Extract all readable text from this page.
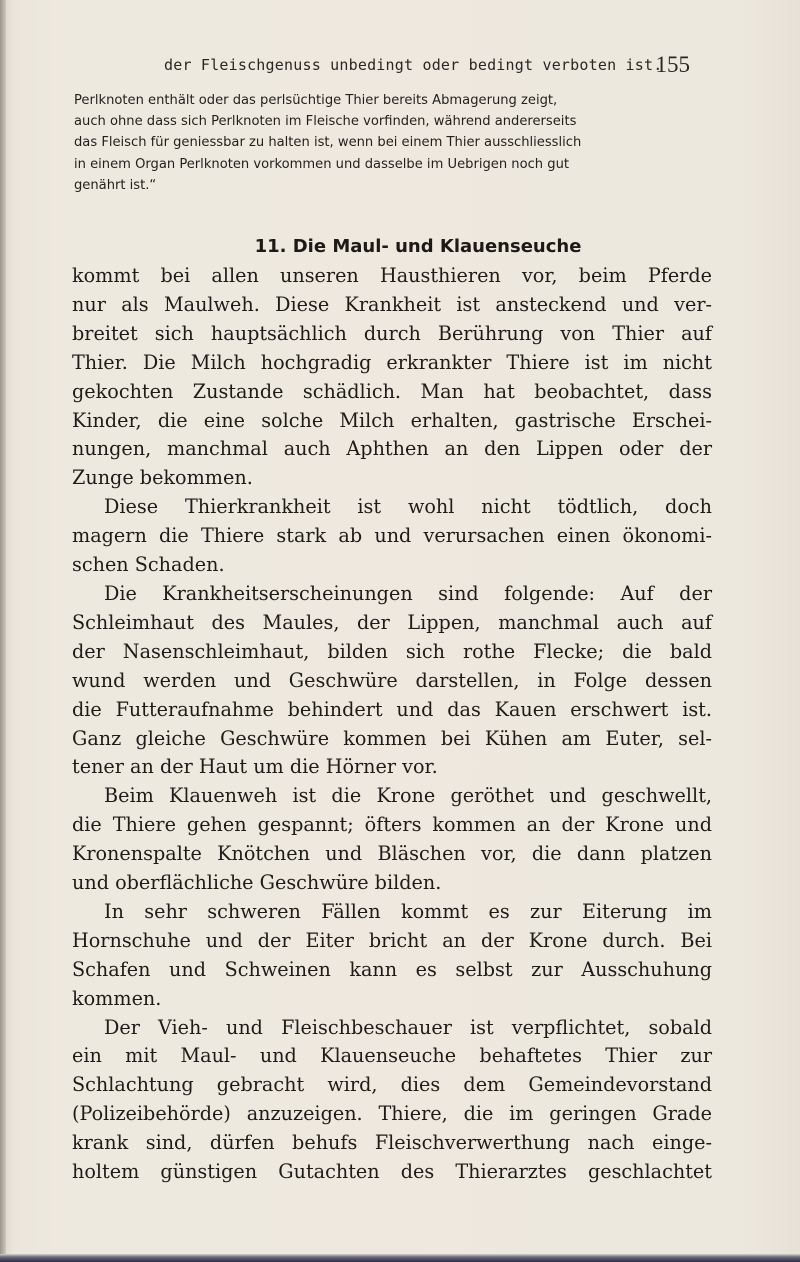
der Fleischgenuss unbedingt oder bedingt verboten ist.
155
Perlknoten enthält oder das perlsüchtige Thier bereits Abmagerung zeigt,
auch ohne dass sich Perlknoten im Fleische vorfinden, während andererseits
das Fleisch für geniessbar zu halten ist, wenn bei einem Thier ausschliesslich
in einem Organ Perlknoten vorkommen und dasselbe im Uebrigen noch gut
genährt ist.“
11. Die Maul- und Klauenseuche
kommt bei allen unseren Hausthieren vor, beim Pferde
nur als Maulweh. Diese Krankheit ist ansteckend und ver-
breitet sich hauptsächlich durch Berührung von Thier auf
Thier. Die Milch hochgradig erkrankter Thiere ist im nicht
gekochten Zustande schädlich. Man hat beobachtet, dass
Kinder, die eine solche Milch erhalten, gastrische Erschei-
nungen, manchmal auch Aphthen an den Lippen oder der
Zunge bekommen.
Diese Thierkrankheit ist wohl nicht tödtlich, doch
magern die Thiere stark ab und verursachen einen ökonomi-
schen Schaden.
Die Krankheitserscheinungen sind folgende: Auf der
Schleimhaut des Maules, der Lippen, manchmal auch auf
der Nasenschleimhaut, bilden sich rothe Flecke; die bald
wund werden und Geschwüre darstellen, in Folge dessen
die Futteraufnahme behindert und das Kauen erschwert ist.
Ganz gleiche Geschwüre kommen bei Kühen am Euter, sel-
tener an der Haut um die Hörner vor.
Beim Klauenweh ist die Krone geröthet und geschwellt,
die Thiere gehen gespannt; öfters kommen an der Krone und
Kronenspalte Knötchen und Bläschen vor, die dann platzen
und oberflächliche Geschwüre bilden.
In sehr schweren Fällen kommt es zur Eiterung im
Hornschuhe und der Eiter bricht an der Krone durch. Bei
Schafen und Schweinen kann es selbst zur Ausschuhung
kommen.
Der Vieh- und Fleischbeschauer ist verpflichtet, sobald
ein mit Maul- und Klauenseuche behaftetes Thier zur
Schlachtung gebracht wird, dies dem Gemeindevorstand
(Polizeibehörde) anzuzeigen. Thiere, die im geringen Grade
krank sind, dürfen behufs Fleischverwerthung nach einge-
holtem günstigen Gutachten des Thierarztes geschlachtet
